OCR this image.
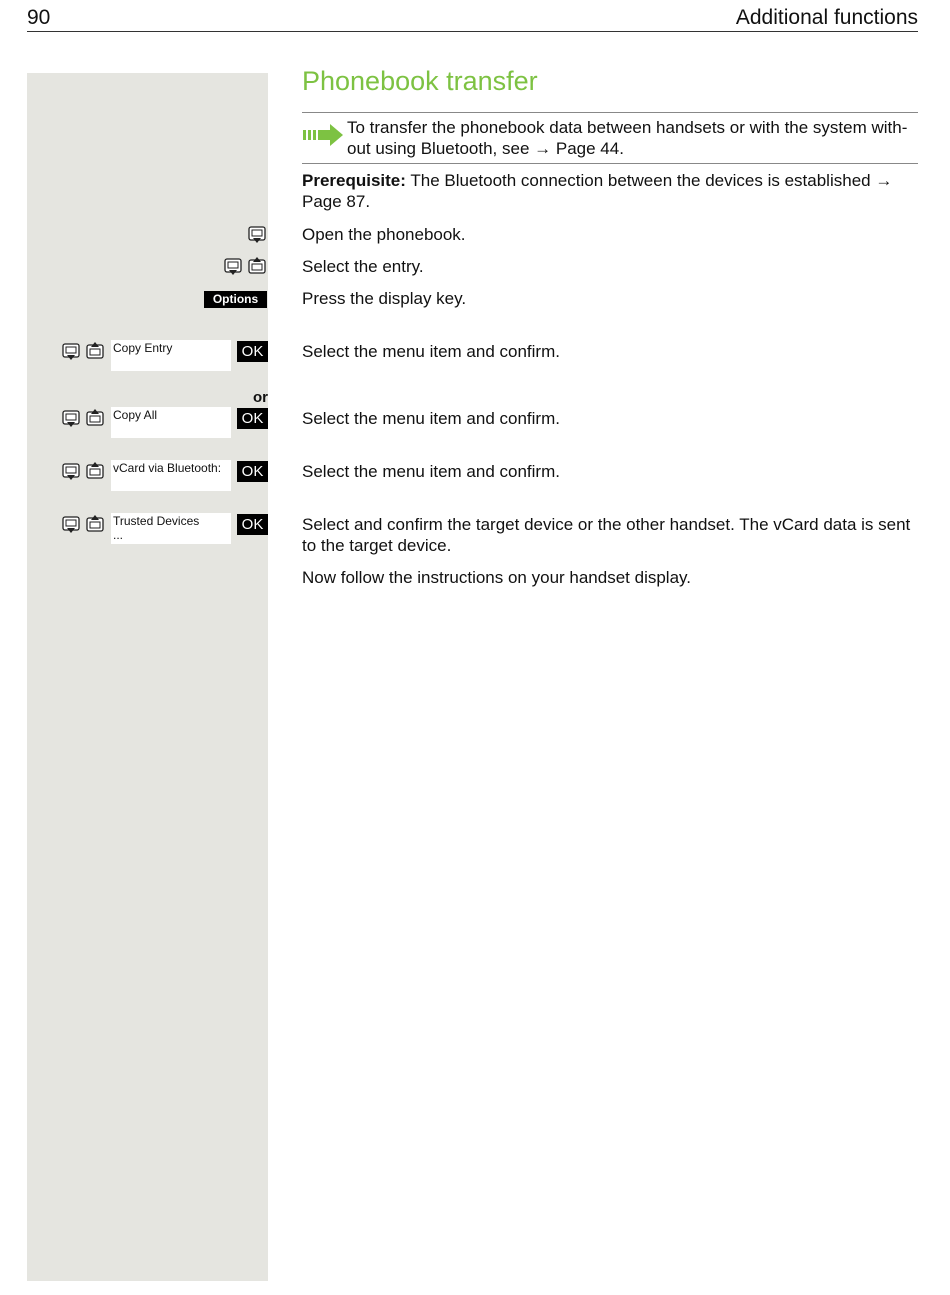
90	Additional functions
Phonebook transfer
To transfer the phonebook data between handsets or with the system with- out using Bluetooth, see → Page 44.
Prerequisite: The Bluetooth connection between the devices is established → Page 87.
Open the phonebook.
Select the entry.
Options	Press the display key.
Copy Entry	OK Select the menu item and confirm.
or
Copy All	OK Select the menu item and confirm.
vCard via Bluetooth:	OK Select the menu item and confirm.
Trusted Devices
...
OK Select and confirm the target device or the other handset. The vCard data is sent to the target device.
Now follow the instructions on your handset display.
